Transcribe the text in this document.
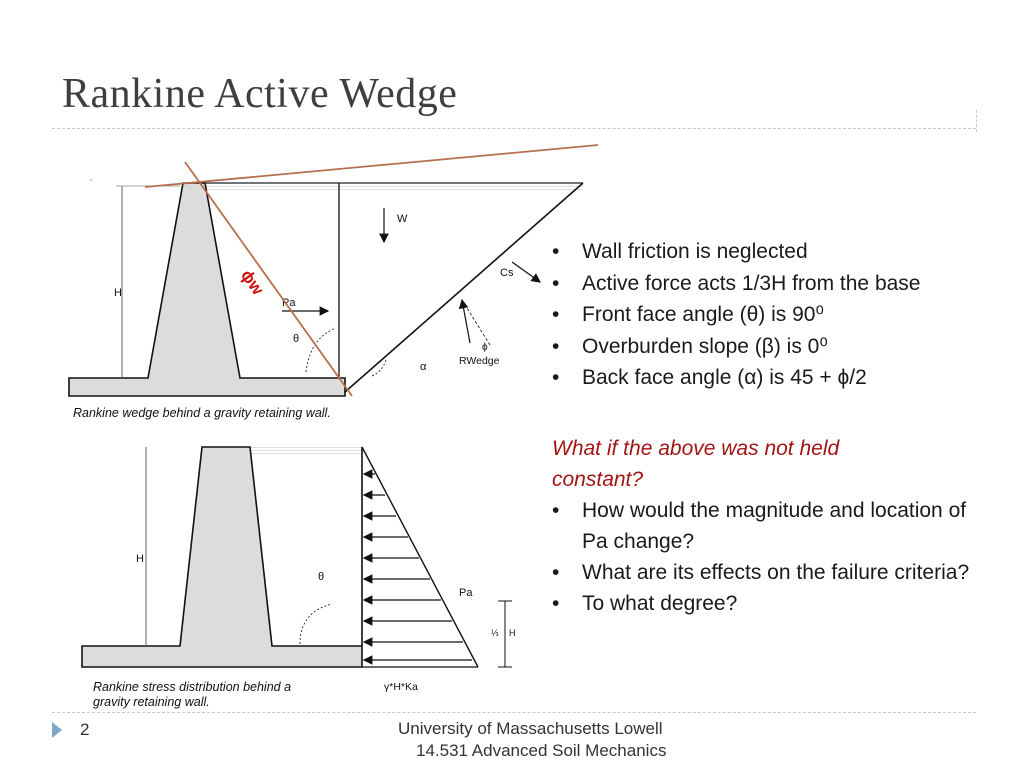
Rankine Active Wedge
H
W
Cs
ϕ
RWedge
α
Pa
θ
ϕw
H
θ
Pa
⅓ H
γ*H*Ka
Rankine wedge behind a gravity retaining wall.
Rankine stress distribution behind a
gravity retaining wall.
• Wall friction is neglected
• Active force acts 1/3H from the base
• Front face angle (θ) is 90⁰
• Overburden slope (β) is 0⁰
• Back face angle (α) is 45 + ϕ/2
What if the above was not held constant?
• How would the magnitude and location of Pa change?
• What are its effects on the failure criteria?
• To what degree?
2	University of Massachusetts Lowell
14.531 Advanced Soil Mechanics
